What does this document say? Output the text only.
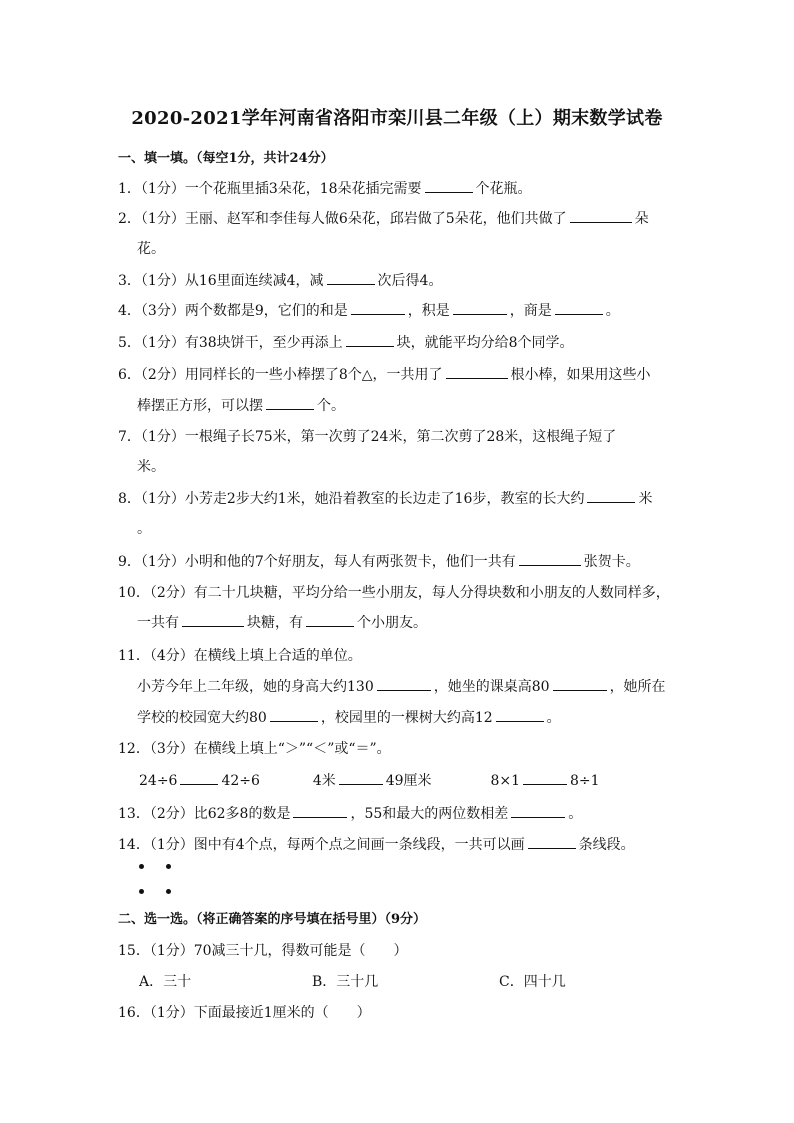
2020-2021学年河南省洛阳市栾川县二年级（上）期末数学试卷
一、填一填。（每空1分，共计24分）
1．（1分）一个花瓶里插3朵花，18朵花插完需要	个花瓶。
2．（1分）王丽、赵军和李佳每人做6朵花，邱岩做了5朵花，他们共做了	朵
花。
3．（1分）从16里面连续减4，减	次后得4。
4．（3分）两个数都是9，它们的和是	，积是	，商是	。
5．（1分）有38块饼干，至少再添上	块，就能平均分给8个同学。
6．（2分）用同样长的一些小棒摆了8个△，一共用了	根小棒，如果用这些小
棒摆正方形，可以摆	个。
7．（1分）一根绳子长75米，第一次剪了24米，第二次剪了28米，这根绳子短了
米。
8．（1分）小芳走2步大约1米，她沿着教室的长边走了16步，教室的长大约	米
。
9．（1分）小明和他的7个好朋友，每人有两张贺卡，他们一共有	张贺卡。
10．（2分）有二十几块糖，平均分给一些小朋友，每人分得块数和小朋友的人数同样多，
一共有	块糖，有	个小朋友。
11．（4分）在横线上填上合适的单位。
小芳今年上二年级，她的身高大约130	，她坐的课桌高80	，她所在
学校的校园宽大约80	，校园里的一棵树大约高12	。
12．（3分）在横线上填上“＞”“＜”或“＝”。
24÷6	42÷6	4米	49厘米	8×1	8÷1
13．（2分）比62多8的数是	，55和最大的两位数相差	。
14．（1分）图中有4个点，每两个点之间画一条线段，一共可以画	条线段。
二、选一选。（将正确答案的序号填在括号里）（9分）
15．（1分）70减三十几，得数可能是（　　）
A．三十	B．三十几	C．四十几
16．（1分）下面最接近1厘米的（　　）
